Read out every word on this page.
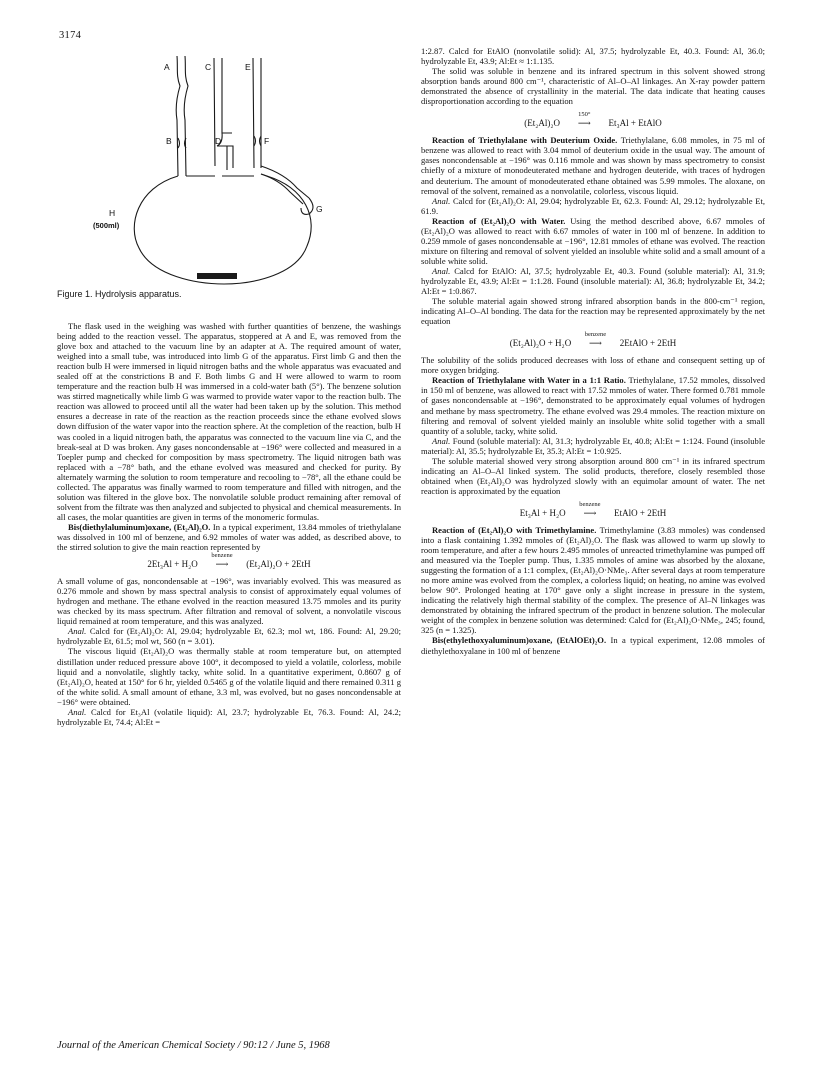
3174
A	C	E
B	D	F
G
H
(500ml)
Figure 1. Hydrolysis apparatus.

The flask used in the weighing was washed with further quantities of benzene, the washings being added to the reaction vessel. The apparatus, stoppered at A and E, was removed from the glove box and attached to the vacuum line by an adapter at A. The required amount of water, weighed into a small tube, was introduced into limb G of the apparatus. First limb G and then the reaction bulb H were immersed in liquid nitrogen baths and the whole apparatus was evacuated and sealed off at the constrictions B and F. Both limbs G and H were allowed to warm to room temperature and the reaction bulb H was immersed in a cold-water bath (5°). The benzene solution was stirred magnetically while limb G was warmed to provide water vapor to the reaction bulb. The reaction was allowed to proceed until all the water had been taken up by the solution. This method ensures a decrease in rate of the reaction as the reaction proceeds since the ethane evolved slows down diffusion of the water vapor into the reaction sphere. At the completion of the reaction, bulb H was cooled in a liquid nitrogen bath, the apparatus was connected to the vacuum line via C, and the break-seal at D was broken. Any gases noncondensable at −196° were collected and measured in a Toepler pump and checked for composition by mass spectrometry. The liquid nitrogen bath was replaced with a −78° bath, and the ethane evolved was measured and checked for purity. By alternately warming the solution to room temperature and recooling to −78°, all the ethane could be collected. The apparatus was finally warmed to room temperature and filled with nitrogen, and the solution was filtered in the glove box. The nonvolatile soluble product remaining after removal of solvent from the filtrate was then analyzed and subjected to physical and chemical measurements. In all cases, the molar quantities are given in terms of the monomeric formulas.

Bis(diethylaluminum)oxane, (Et₂Al)₂O. In a typical experiment, 13.84 mmoles of triethylalane was dissolved in 100 ml of benzene, and 6.92 mmoles of water was added, as described above, to the stirred solution to give the main reaction represented by

2Et₃Al + H₂O
benzene
⟶ (Et₂Al)₂O + 2EtH

A small volume of gas, noncondensable at −196°, was invariably evolved. This was measured as 0.276 mmole and shown by mass spectral analysis to consist of approximately equal volumes of hydrogen and methane. The ethane evolved in the reaction measured 13.75 mmoles and its purity was checked by its mass spectrum. After filtration and removal of solvent, a nonvolatile viscous liquid remained at room temperature, and this was analyzed.

Anal. Calcd for (Et₂Al)₂O: Al, 29.04; hydrolyzable Et, 62.3; mol wt, 186. Found: Al, 29.20; hydrolyzable Et, 61.5; mol wt, 560 (n = 3.01).

The viscous liquid (Et₂Al)₂O was thermally stable at room temperature but, on attempted distillation under reduced pressure above 100°, it decomposed to yield a volatile, colorless, mobile liquid and a nonvolatile, slightly tacky, white solid. In a quantitative experiment, 0.8607 g of (Et₂Al)₂O, heated at 150° for 6 hr, yielded 0.5465 g of the volatile liquid and there remained 0.311 g of the white solid. A small amount of ethane, 3.3 ml, was evolved, but no gases noncondensable at −196° were obtained.

Anal. Calcd for Et₃Al (volatile liquid): Al, 23.7; hydrolyzable Et, 76.3. Found: Al, 24.2; hydrolyzable Et, 74.4; Al:Et =

1:2.87. Calcd for EtAlO (nonvolatile solid): Al, 37.5; hydrolyzable Et, 40.3. Found: Al, 36.0; hydrolyzable Et, 43.9; Al:Et ≈ 1:1.135.

The solid was soluble in benzene and its infrared spectrum in this solvent showed strong absorption bands around 800 cm⁻¹, characteristic of Al–O–Al linkages. An X-ray powder pattern demonstrated the absence of crystallinity in the material. The data indicate that heating causes disproportionation according to the equation

(Et₂Al)₂O
150°
⟶ Et₃Al + EtAlO

Reaction of Triethylalane with Deuterium Oxide. Triethylalane, 6.08 mmoles, in 75 ml of benzene was allowed to react with 3.04 mmol of deuterium oxide in the usual way. The amount of gases noncondensable at −196° was 0.116 mmole and was shown by mass spectrometry to consist chiefly of a mixture of monodeuterated methane and hydrogen deuteride, with traces of hydrogen and deuterium. The amount of monodeuterated ethane obtained was 5.99 mmoles. The aloxane, on removal of the solvent, remained as a nonvolatile, colorless, viscous liquid.

Anal. Calcd for (Et₂Al)₂O: Al, 29.04; hydrolyzable Et, 62.3. Found: Al, 29.12; hydrolyzable Et, 61.9.

Reaction of (Et₂Al)₂O with Water. Using the method described above, 6.67 mmoles of (Et₂Al)₂O was allowed to react with 6.67 mmoles of water in 100 ml of benzene. In addition to 0.259 mmole of gases noncondensable at −196°, 12.81 mmoles of ethane was evolved. The reaction mixture on filtering and removal of solvent yielded an insoluble white solid and a small amount of a soluble white solid.

Anal. Calcd for EtAlO: Al, 37.5; hydrolyzable Et, 40.3. Found (soluble material): Al, 31.9; hydrolyzable Et, 43.9; Al:Et = 1:1.28. Found (insoluble material): Al, 36.8; hydrolyzable Et, 34.2; Al:Et = 1:0.867.

The soluble material again showed strong infrared absorption bands in the 800-cm⁻¹ region, indicating Al–O–Al bonding. The data for the reaction may be represented approximately by the net equation

(Et₂Al)₂O + H₂O
benzene
⟶ 2EtAlO + 2EtH

The solubility of the solids produced decreases with loss of ethane and consequent setting up of more oxygen bridging.

Reaction of Triethylalane with Water in a 1:1 Ratio. Triethylalane, 17.52 mmoles, dissolved in 150 ml of benzene, was allowed to react with 17.52 mmoles of water. There formed 0.781 mmole of gases noncondensable at −196°, demonstrated to be approximately equal volumes of hydrogen and methane by mass spectrometry. The ethane evolved was 29.4 mmoles. The reaction mixture on filtering and removal of solvent yielded mainly an insoluble white solid together with a small quantity of a soluble, tacky, white solid.

Anal. Found (soluble material): Al, 31.3; hydrolyzable Et, 40.8; Al:Et = 1:124. Found (insoluble material): Al, 35.5; hydrolyzable Et, 35.3; Al:Et = 1:0.925.

The soluble material showed very strong absorption around 800 cm⁻¹ in its infrared spectrum indicating an Al–O–Al linked system. The solid products, therefore, closely resembled those obtained when (Et₂Al)₂O was hydrolyzed slowly with an equimolar amount of water. The net reaction is approximated by the equation

Et₃Al + H₂O
benzene
⟶ EtAlO + 2EtH

Reaction of (Et₂Al)₂O with Trimethylamine. Trimethylamine (3.83 mmoles) was condensed into a flask containing 1.392 mmoles of (Et₂Al)₂O. The flask was allowed to warm up slowly to room temperature, and after a few hours 2.495 mmoles of unreacted trimethylamine was pumped off and measured via the Toepler pump. Thus, 1.335 mmoles of amine was absorbed by the aloxane, suggesting the formation of a 1:1 complex, (Et₂Al)₂O·NMe₃. After several days at room temperature no more amine was evolved from the complex, a colorless liquid; on heating, no amine was evolved below 90°. Prolonged heating at 170° gave only a slight increase in pressure in the system, indicating the relatively high thermal stability of the complex. The presence of Al–N linkages was demonstrated by obtaining the infrared spectrum of the product in benzene solution. The molecular weight of the complex in benzene solution was determined: Calcd for (Et₂Al)₂O·NMe₃, 245; found, 325 (n = 1.325).

Bis(ethylethoxyaluminum)oxane, (EtAlOEt)₂O. In a typical experiment, 12.08 mmoles of diethylethoxyalane in 100 ml of benzene

Journal of the American Chemical Society / 90:12 / June 5, 1968
